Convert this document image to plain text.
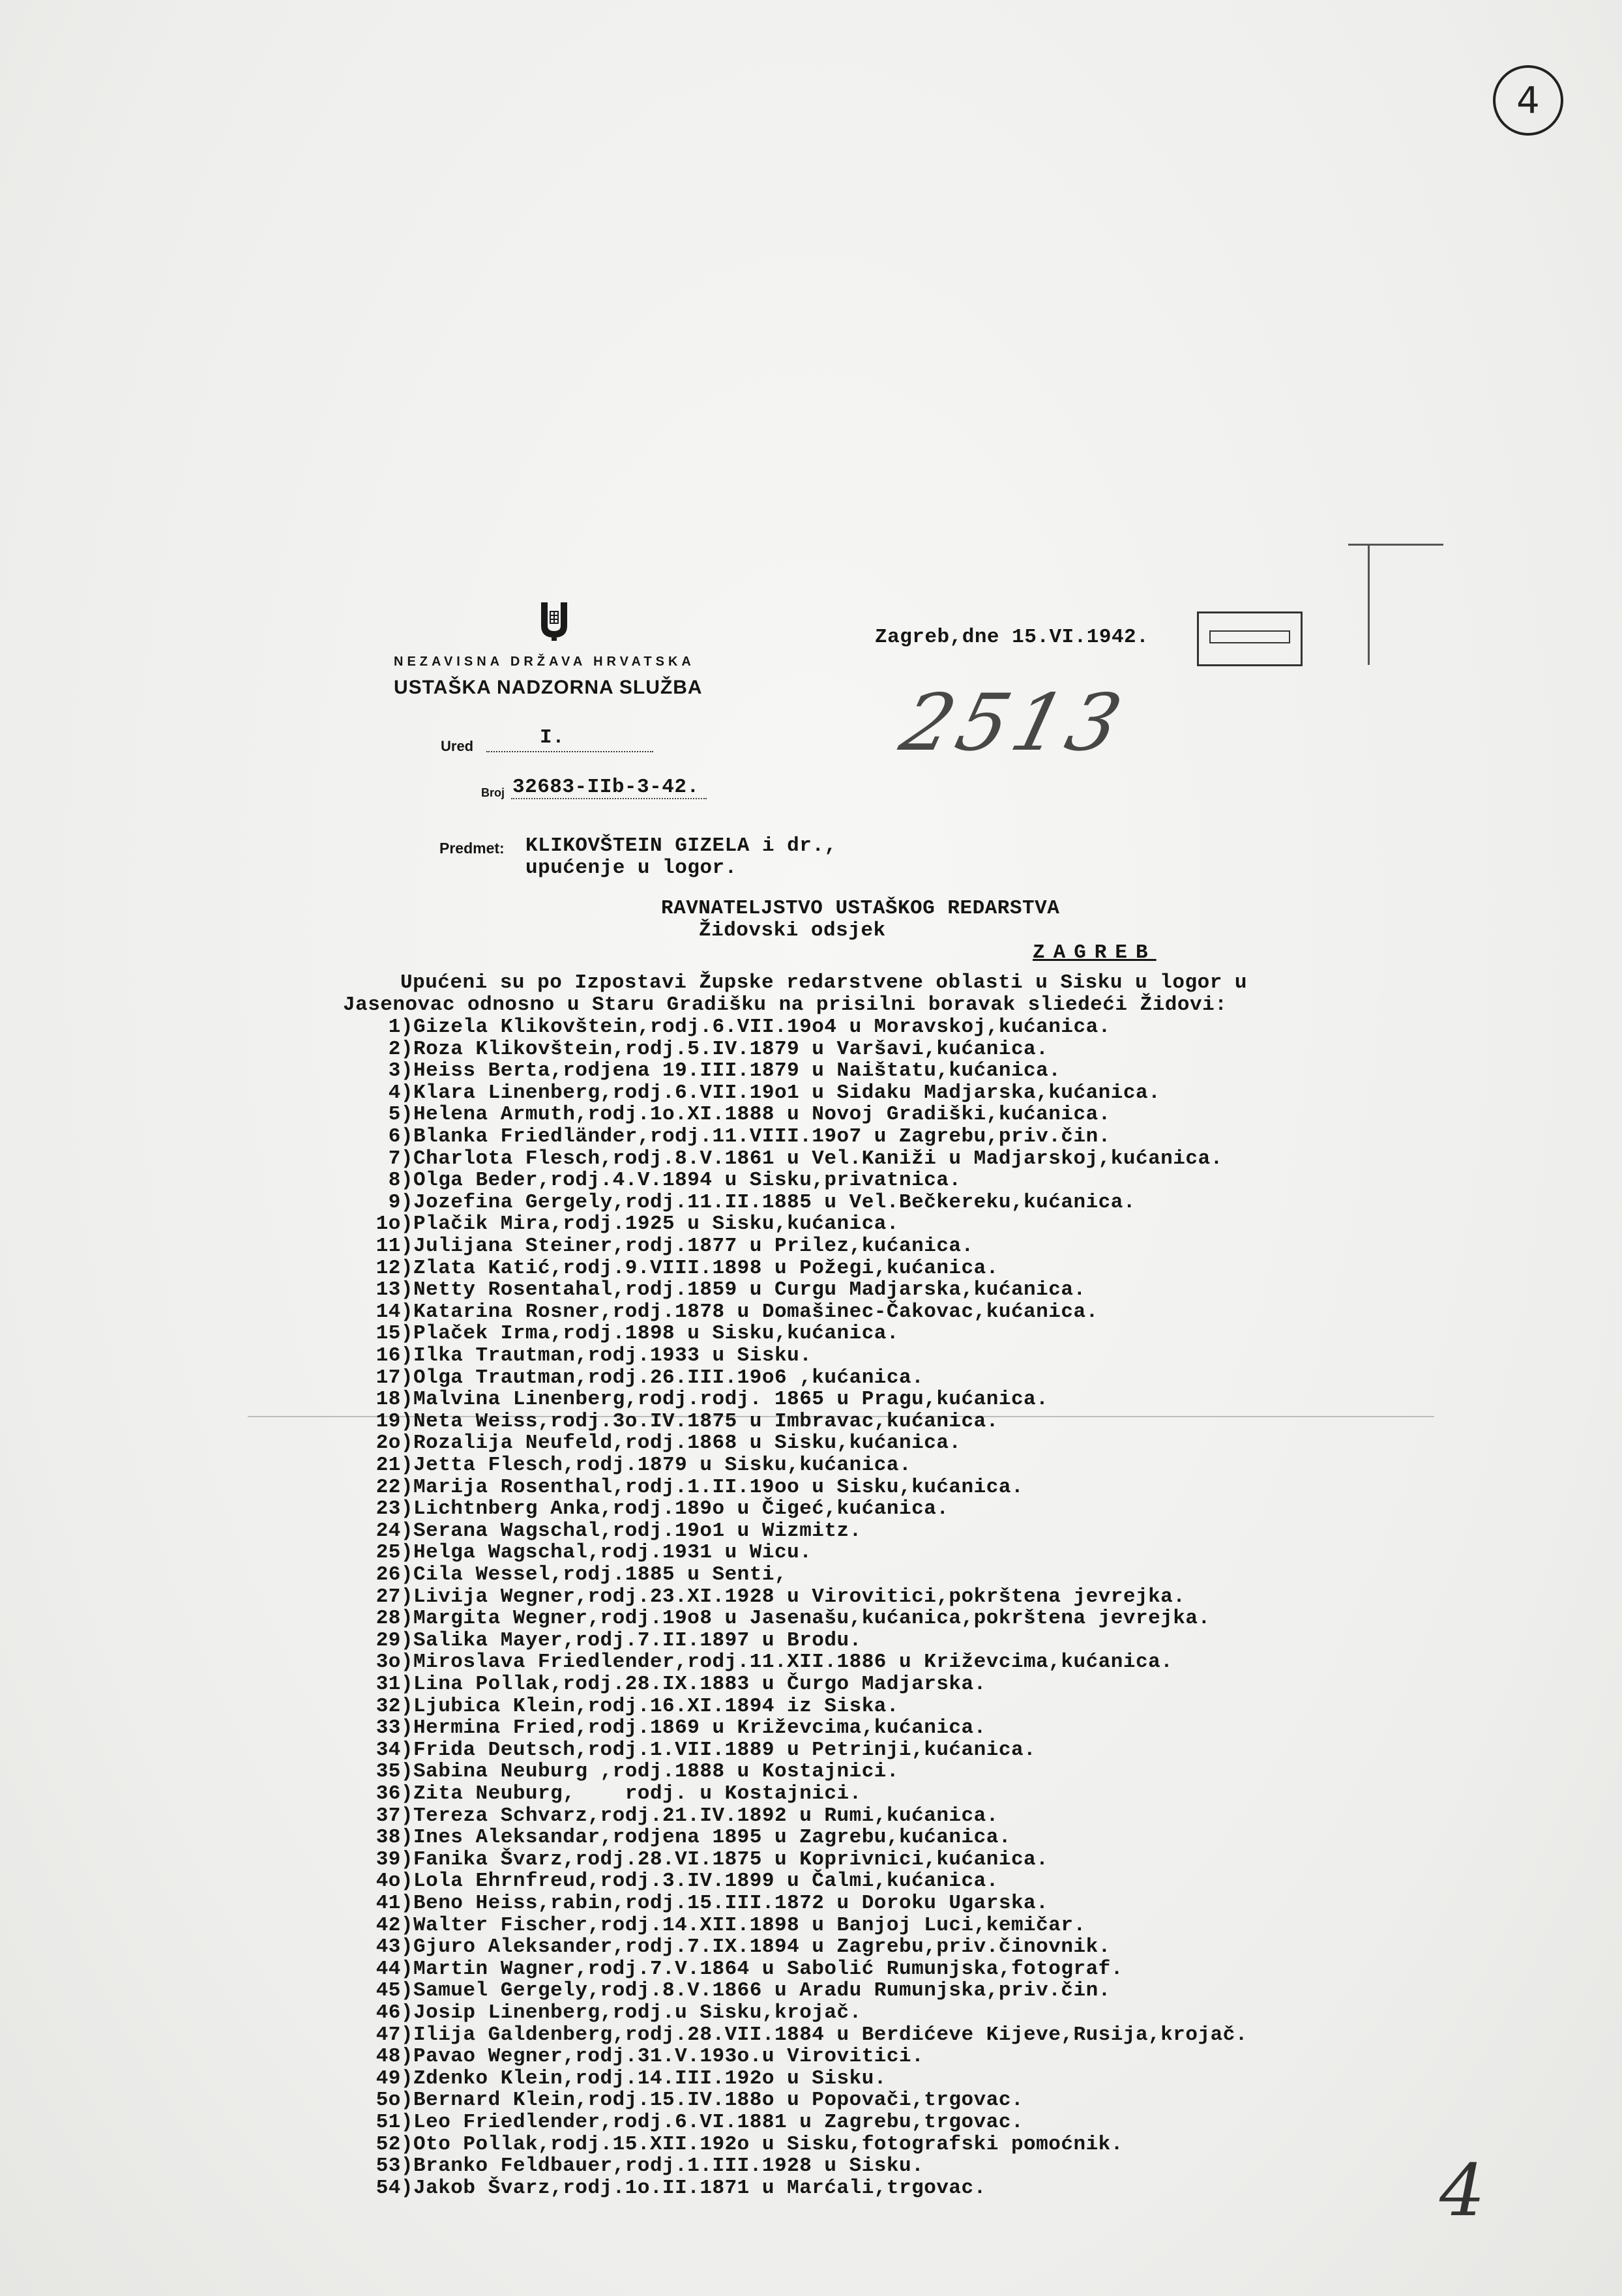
4
NEZAVISNA DRŽAVA HRVATSKA
USTAŠKA NADZORNA SLUŽBA
Ured	I.
Broj 32683-IIb-3-42.
Predmet: KLIKOVŠTEIN GIZELA i dr.,
upućenje u logor.
Zagreb,dne 15.VI.1942.
2513
RAVNATELJSTVO USTAŠKOG REDARSTVA
Židovski odsjek
ZAGREB
Upućeni su po Izpostavi Župske redarstvene oblasti u Sisku u logor u
Jasenovac odnosno u Staru Gradišku na prisilni boravak sliedeći Židovi:
1) Gizela Klikovštein,rodj.6.VII.19o4 u Moravskoj,kućanica.
2) Roza Klikovštein,rodj.5.IV.1879 u Varšavi,kućanica.
3) Heiss Berta,rodjena 19.III.1879 u Naištatu,kućanica.
4) Klara Linenberg,rodj.6.VII.19o1 u Sidaku Madjarska,kućanica.
5) Helena Armuth,rodj.1o.XI.1888 u Novoj Gradiški,kućanica.
6) Blanka Friedländer,rodj.11.VIII.19o7 u Zagrebu,priv.čin.
7) Charlota Flesch,rodj.8.V.1861 u Vel.Kaniži u Madjarskoj,kućanica.
8) Olga Beder,rodj.4.V.1894 u Sisku,privatnica.
9) Jozefina Gergely,rodj.11.II.1885 u Vel.Bečkereku,kućanica.
1o) Plačik Mira,rodj.1925 u Sisku,kućanica.
11) Julijana Steiner,rodj.1877 u Prilez,kućanica.
12) Zlata Katić,rodj.9.VIII.1898 u Požegi,kućanica.
13) Netty Rosentahal,rodj.1859 u Curgu Madjarska,kućanica.
14) Katarina Rosner,rodj.1878 u Domašinec-Čakovac,kućanica.
15) Plaček Irma,rodj.1898 u Sisku,kućanica.
16) Ilka Trautman,rodj.1933 u Sisku.
17) Olga Trautman,rodj.26.III.19o6 ,kućanica.
18) Malvina Linenberg,rodj.rodj. 1865 u Pragu,kućanica.
19) Neta Weiss,rodj.3o.IV.1875 u Imbravac,kućanica.
2o) Rozalija Neufeld,rodj.1868 u Sisku,kućanica.
21) Jetta Flesch,rodj.1879 u Sisku,kućanica.
22) Marija Rosenthal,rodj.1.II.19oo u Sisku,kućanica.
23) Lichtnberg Anka,rodj.189o u Čigeć,kućanica.
24) Serana Wagschal,rodj.19o1 u Wizmitz.
25) Helga Wagschal,rodj.1931 u Wicu.
26) Cila Wessel,rodj.1885 u Senti,
27) Livija Wegner,rodj.23.XI.1928 u Virovitici,pokrštena jevrejka.
28) Margita Wegner,rodj.19o8 u Jasenašu,kućanica,pokrštena jevrejka.
29) Salika Mayer,rodj.7.II.1897 u Brodu.
3o) Miroslava Friedlender,rodj.11.XII.1886 u Križevcima,kućanica.
31) Lina Pollak,rodj.28.IX.1883 u Čurgo Madjarska.
32) Ljubica Klein,rodj.16.XI.1894 iz Siska.
33) Hermina Fried,rodj.1869 u Križevcima,kućanica.
34) Frida Deutsch,rodj.1.VII.1889 u Petrinji,kućanica.
35) Sabina Neuburg ,rodj.1888 u Kostajnici.
36) Zita Neuburg,    rodj. u Kostajnici.
37) Tereza Schvarz,rodj.21.IV.1892 u Rumi,kućanica.
38) Ines Aleksandar,rodjena 1895 u Zagrebu,kućanica.
39) Fanika Švarz,rodj.28.VI.1875 u Koprivnici,kućanica.
4o) Lola Ehrnfreud,rodj.3.IV.1899 u Čalmi,kućanica.
41) Beno Heiss,rabin,rodj.15.III.1872 u Doroku Ugarska.
42) Walter Fischer,rodj.14.XII.1898 u Banjoj Luci,kemičar.
43) Gjuro Aleksander,rodj.7.IX.1894 u Zagrebu,priv.činovnik.
44) Martin Wagner,rodj.7.V.1864 u Sabolić Rumunjska,fotograf.
45) Samuel Gergely,rodj.8.V.1866 u Aradu Rumunjska,priv.čin.
46) Josip Linenberg,rodj.u Sisku,krojač.
47) Ilija Galdenberg,rodj.28.VII.1884 u Berdićeve Kijeve,Rusija,krojač.
48) Pavao Wegner,rodj.31.V.193o.u Virovitici.
49) Zdenko Klein,rodj.14.III.192o u Sisku.
5o) Bernard Klein,rodj.15.IV.188o u Popovači,trgovac.
51) Leo Friedlender,rodj.6.VI.1881 u Zagrebu,trgovac.
52) Oto Pollak,rodj.15.XII.192o u Sisku,fotografski pomoćnik.
53) Branko Feldbauer,rodj.1.III.1928 u Sisku.
54) Jakob Švarz,rodj.1o.II.1871 u Marćali,trgovac.	4
